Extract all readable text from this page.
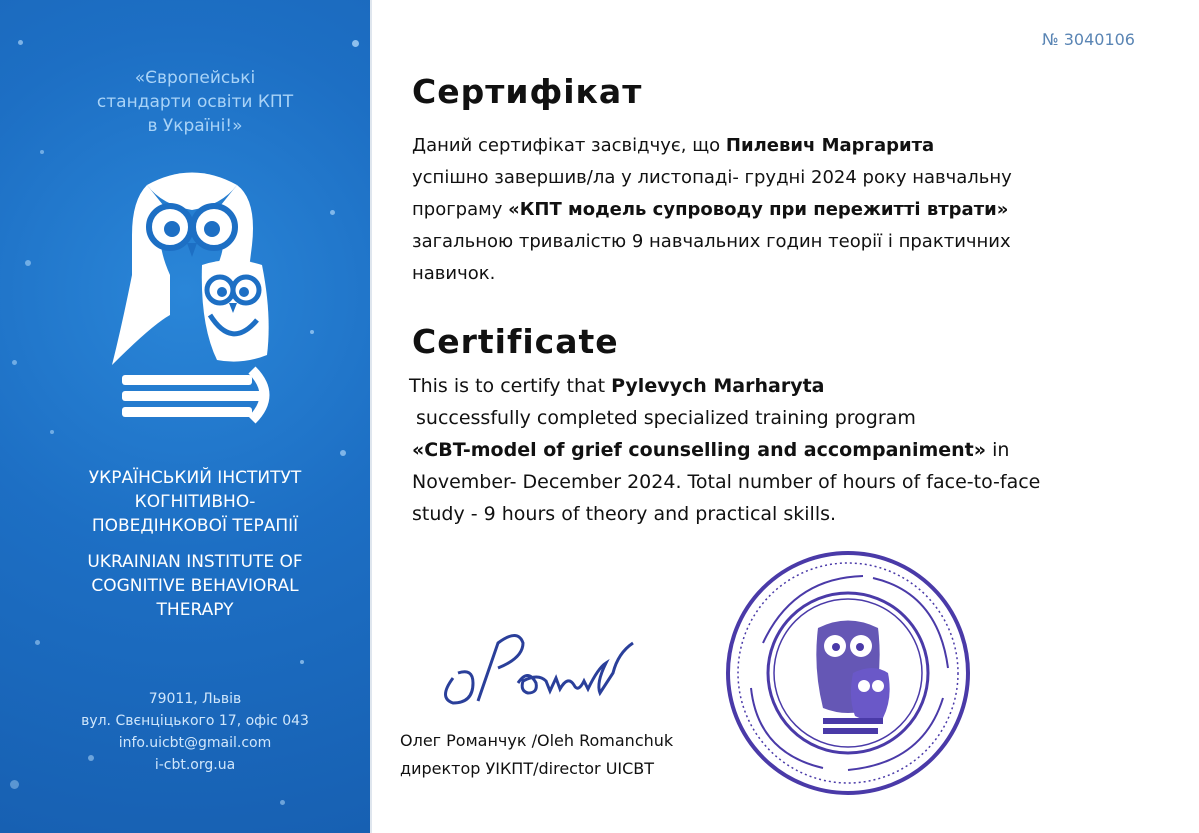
«Європейські
стандарти освіти КПТ
в Україні!»
УКРАЇНСЬКИЙ ІНСТИТУТ
КОГНІТИВНО-
ПОВЕДІНКОВОЇ ТЕРАПІЇ
UKRAINIAN INSTITUTE OF
COGNITIVE BEHAVIORAL
THERAPY
79011, Львів
вул. Свєнціцького 17, офіс 043
info.uicbt@gmail.com
i-cbt.org.ua
№ 3040106
Сертифікат
Даний сертифікат засвідчує, що Пилевич Маргарита
успішно завершив/ла у листопаді- грудні 2024 року навчальну
програму «КПТ модель супроводу при пережитті втрати»
загальною тривалістю 9 навчальних годин теорії і практичних
навичок.
Certificate
This is to certify that Pylevych Marharyta
successfully completed specialized training program
«CBT-model of grief counselling and accompaniment» in
November- December 2024. Total number of hours of face-to-face
study - 9 hours of theory and practical skills.
Олег Романчук /Oleh Romanchuk
директор УІКПТ/director UICBT
